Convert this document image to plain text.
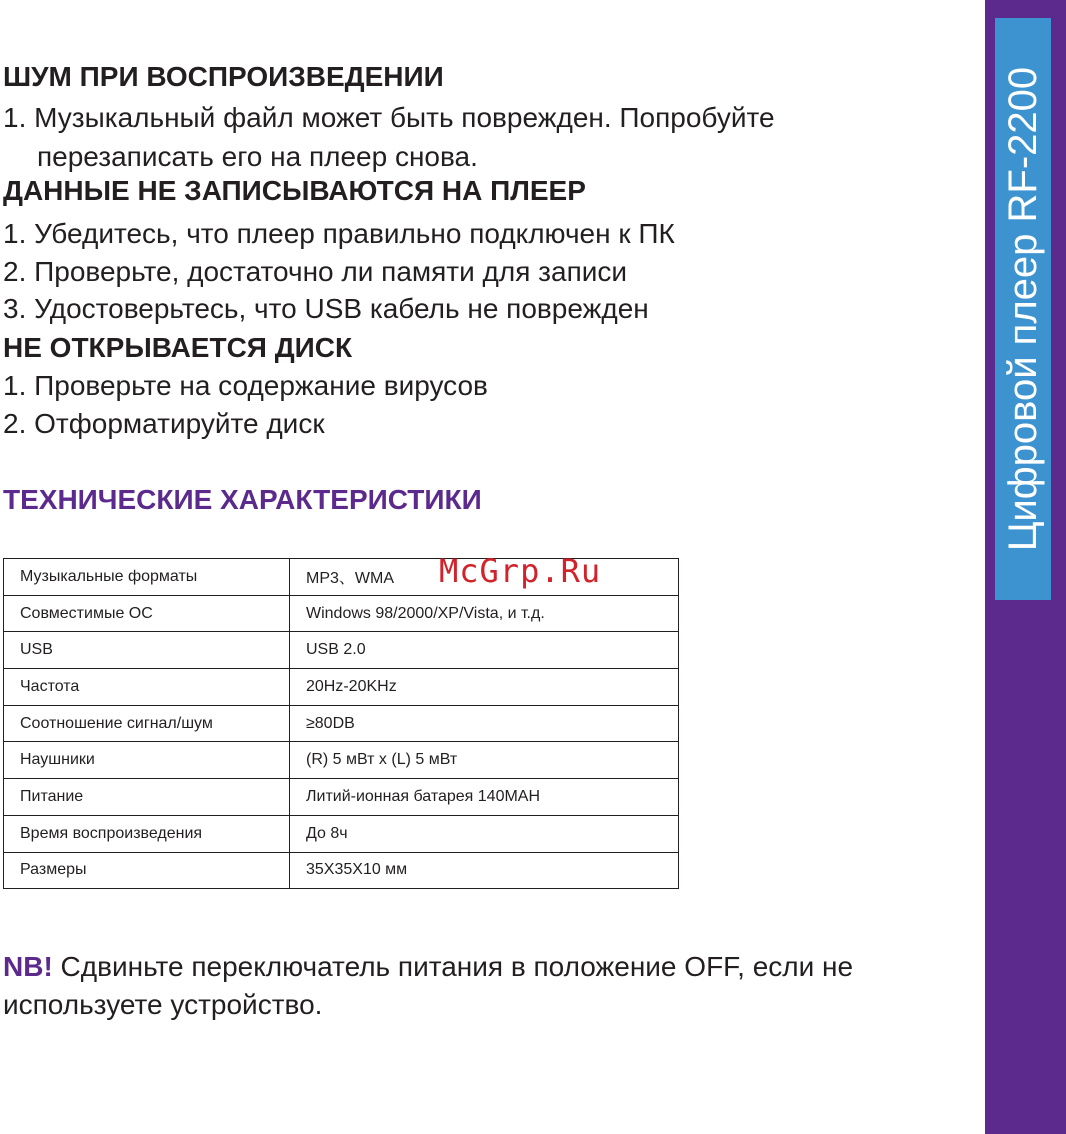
ШУМ ПРИ ВОСПРОИЗВЕДЕНИИ
1. Музыкальный файл может быть поврежден. Попробуйте
перезаписать его на плеер снова.
ДАННЫЕ НЕ ЗАПИСЫВАЮТСЯ НА ПЛЕЕР
1. Убедитесь, что плеер правильно подключен к ПК
2. Проверьте, достаточно ли памяти для записи
3. Удостоверьтесь, что USB кабель не поврежден
НЕ ОТКРЫВАЕТСЯ ДИСК
1. Проверьте на содержание вирусов
2. Отформатируйте диск
ТЕХНИЧЕСКИЕ ХАРАКТЕРИСТИКИ
Музыкальные форматы	MP3、WMA
Совместимые ОС	Windows 98/2000/XP/Vista, и т.д.
USB	USB 2.0
Частота	20Hz-20KHz
Соотношение сигнал/шум	≥80DB
Наушники	(R) 5 мВт x (L) 5 мВт
Питание	Литий-ионная батарея 140MAH
Время воспроизведения	До 8ч
Размеры	35X35X10 мм
McGrp.Ru
NB! Сдвиньте переключатель питания в положение OFF, если не используете устройство.
Цифровой плеер RF-2200
